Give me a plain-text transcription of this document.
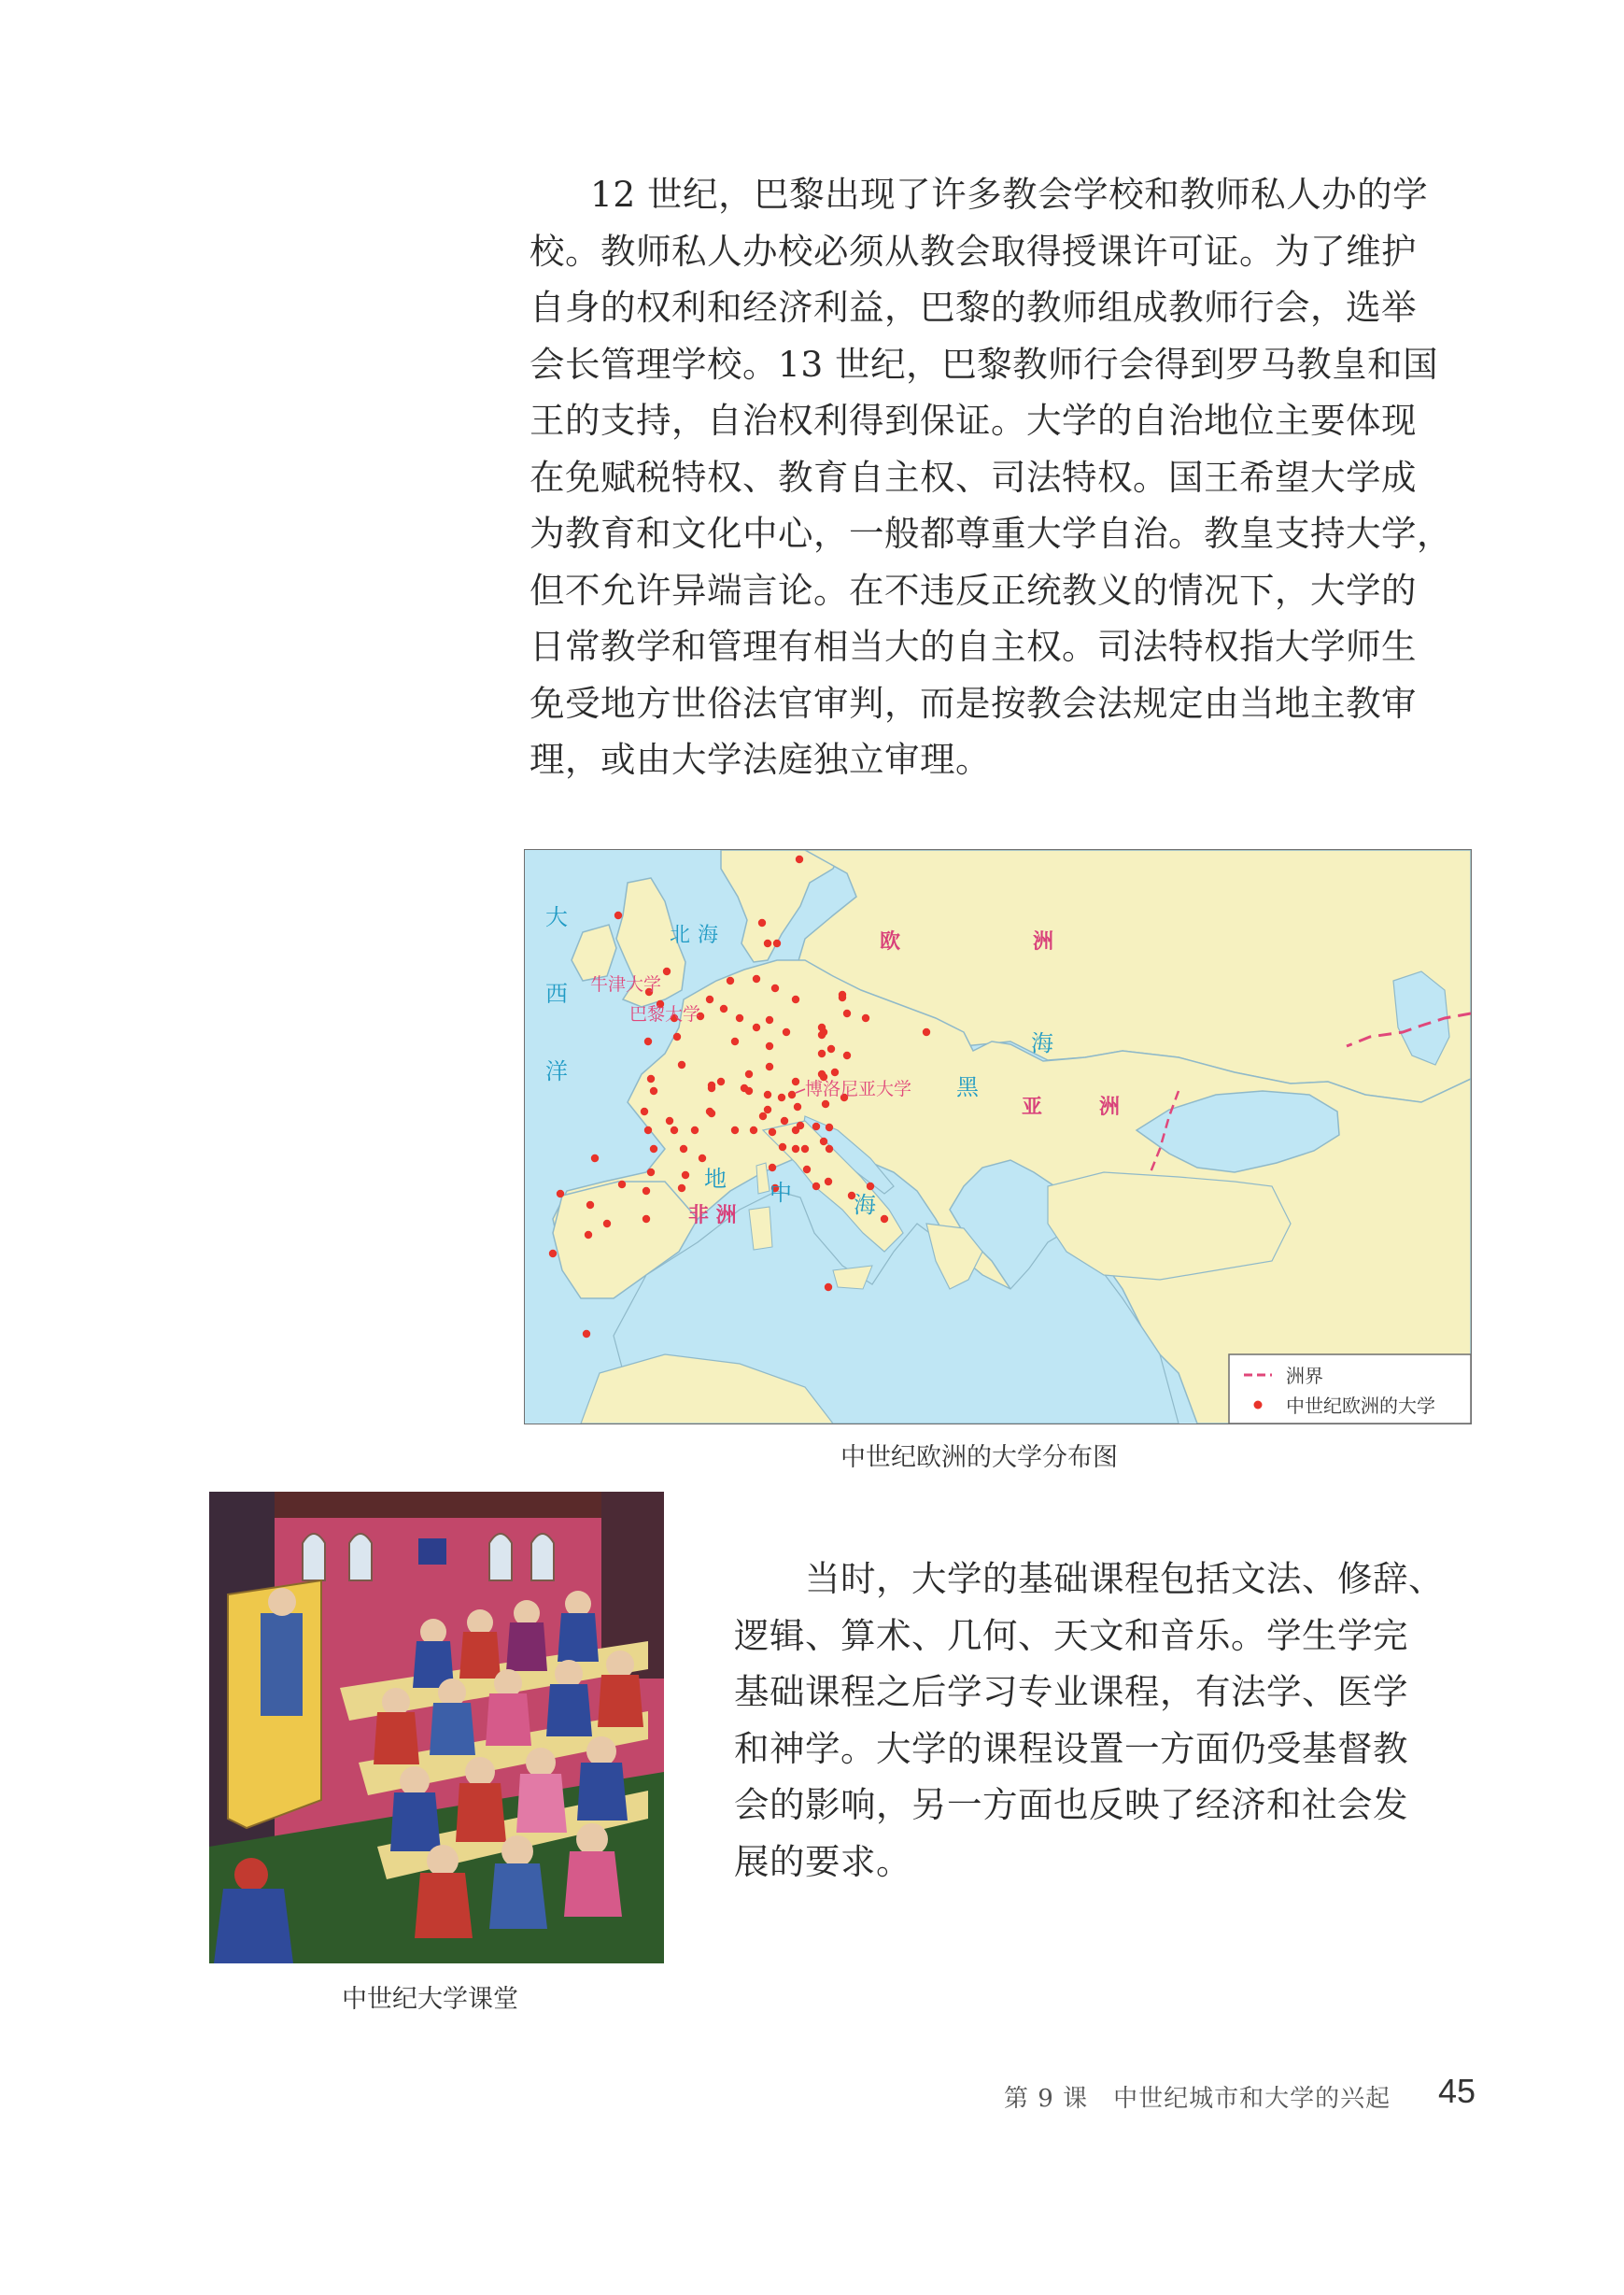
12 世纪，巴黎出现了许多教会学校和教师私人办的学
校。教师私人办校必须从教会取得授课许可证。为了维护
自身的权利和经济利益，巴黎的教师组成教师行会，选举
会长管理学校。13 世纪，巴黎教师行会得到罗马教皇和国
王的支持，自治权利得到保证。大学的自治地位主要体现
在免赋税特权、教育自主权、司法特权。国王希望大学成
为教育和文化中心，一般都尊重大学自治。教皇支持大学，
但不允许异端言论。在不违反正统教义的情况下，大学的
日常教学和管理有相当大的自主权。司法特权指大学师生
免受地方世俗法官审判，而是按教会法规定由当地主教审
理，或由大学法庭独立审理。
大
西
洋
北海
地
中	海
欧	洲
亚	洲
非 洲
黑
海
牛津大学
巴黎大学
博洛尼亚大学
洲界
中世纪欧洲的大学
中世纪欧洲的大学分布图
中世纪大学课堂
当时，大学的基础课程包括文法、修辞、
逻辑、算术、几何、天文和音乐。学生学完
基础课程之后学习专业课程，有法学、医学
和神学。大学的课程设置一方面仍受基督教
会的影响，另一方面也反映了经济和社会发
展的要求。
第 9 课　中世纪城市和大学的兴起 45
